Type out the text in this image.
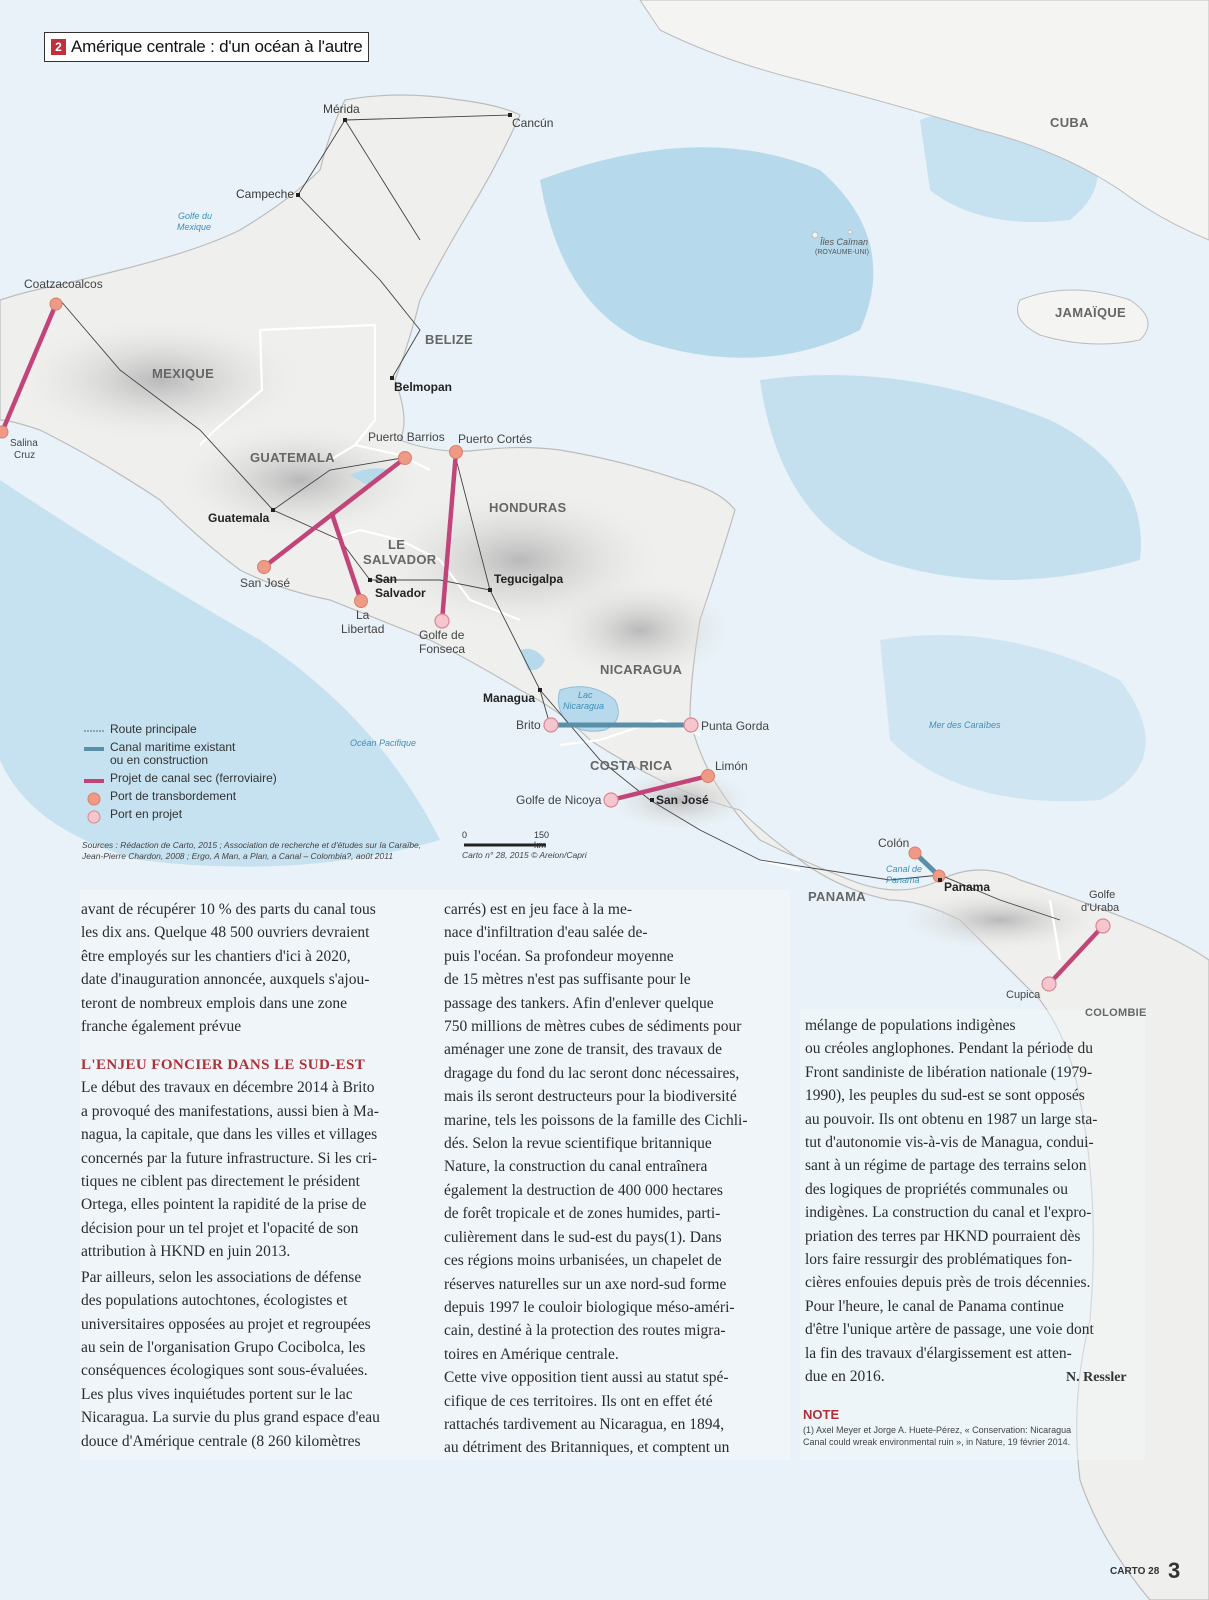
2 Amérique centrale : d'un océan à l'autre
MEXIQUE
BELIZE
GUATEMALA
LE
SALVADOR
HONDURAS
NICARAGUA
COSTA RICA
PANAMA
CUBA
JAMAÏQUE
COLOMBIE
Mérida
Cancún
Campeche
Belmopan
Guatemala
San
Salvador
Tegucigalpa
Managua
San José
Panama
Coatzacoalcos
Salina
Cruz
Puerto Barrios Puerto Cortés
San José
La
Libertad	Golfe de
Fonseca
Brito	Punta Gorda
Limón
Golfe de Nicoya
Colón
Golfe
d'Uraba
Cupica
Golfe du
Mexique
Îles Caïman
(ROYAUME-UNI)
Océan Pacifique
Mer des Caraïbes
Lac
Nicaragua
Canal de
Panama
Route principale
Canal maritime existant
ou en construction
Projet de canal sec (ferroviaire)
Port de transbordement
Port en projet
Sources : Rédaction de Carto, 2015 ; Association de recherche et d'études sur la Caraïbe,
Jean-Pierre Chardon, 2008 ; Ergo, A Man, a Plan, a Canal – Colombia?, août 2011
0	150 km
Carto n° 28, 2015 © Areion/Capri

avant de récupérer 10 % des parts du canal tous
les dix ans. Quelque 48 500 ouvriers devraient
être employés sur les chantiers d'ici à 2020,
date d'inauguration annoncée, auxquels s'ajou-
teront de nombreux emplois dans une zone
franche également prévue

L'ENJEU FONCIER DANS LE SUD-EST

Le début des travaux en décembre 2014 à Brito
a provoqué des manifestations, aussi bien à Ma-
nagua, la capitale, que dans les villes et villages
concernés par la future infrastructure. Si les cri-
tiques ne ciblent pas directement le président
Ortega, elles pointent la rapidité de la prise de
décision pour un tel projet et l'opacité de son
attribution à HKND en juin 2013.

Par ailleurs, selon les associations de défense
des populations autochtones, écologistes et
universitaires opposées au projet et regroupées
au sein de l'organisation Grupo Cocibolca, les
conséquences écologiques sont sous-évaluées.
Les plus vives inquiétudes portent sur le lac
Nicaragua. La survie du plus grand espace d'eau
douce d'Amérique centrale (8 260 kilomètres

carrés) est en jeu face à la me-
nace d'infiltration d'eau salée de-
puis l'océan. Sa profondeur moyenne
de 15 mètres n'est pas suffisante pour le
passage des tankers. Afin d'enlever quelque
750 millions de mètres cubes de sédiments pour
aménager une zone de transit, des travaux de
dragage du fond du lac seront donc nécessaires,
mais ils seront destructeurs pour la biodiversité
marine, tels les poissons de la famille des Cichli-
dés. Selon la revue scientifique britannique
Nature, la construction du canal entraînera
également la destruction de 400 000 hectares
de forêt tropicale et de zones humides, parti-
culièrement dans le sud-est du pays(1). Dans
ces régions moins urbanisées, un chapelet de
réserves naturelles sur un axe nord-sud forme
depuis 1997 le couloir biologique méso-améri-
cain, destiné à la protection des routes migra-
toires en Amérique centrale.

Cette vive opposition tient aussi au statut spé-
cifique de ces territoires. Ils ont en effet été
rattachés tardivement au Nicaragua, en 1894,
au détriment des Britanniques, et comptent un

mélange de populations indigènes
ou créoles anglophones. Pendant la période du
Front sandiniste de libération nationale (1979-
1990), les peuples du sud-est se sont opposés
au pouvoir. Ils ont obtenu en 1987 un large sta-
tut d'autonomie vis-à-vis de Managua, condui-
sant à un régime de partage des terrains selon
des logiques de propriétés communales ou
indigènes. La construction du canal et l'expro-
priation des terres par HKND pourraient dès
lors faire ressurgir des problématiques fon-
cières enfouies depuis près de trois décennies.
Pour l'heure, le canal de Panama continue
d'être l'unique artère de passage, une voie dont
la fin des travaux d'élargissement est atten-
due en 2016.	N. Ressler
NOTE
(1) Axel Meyer et Jorge A. Huete-Pérez, « Conservation: Nicaragua
Canal could wreak environmental ruin », in Nature, 19 février 2014.
CARTO 28 3
